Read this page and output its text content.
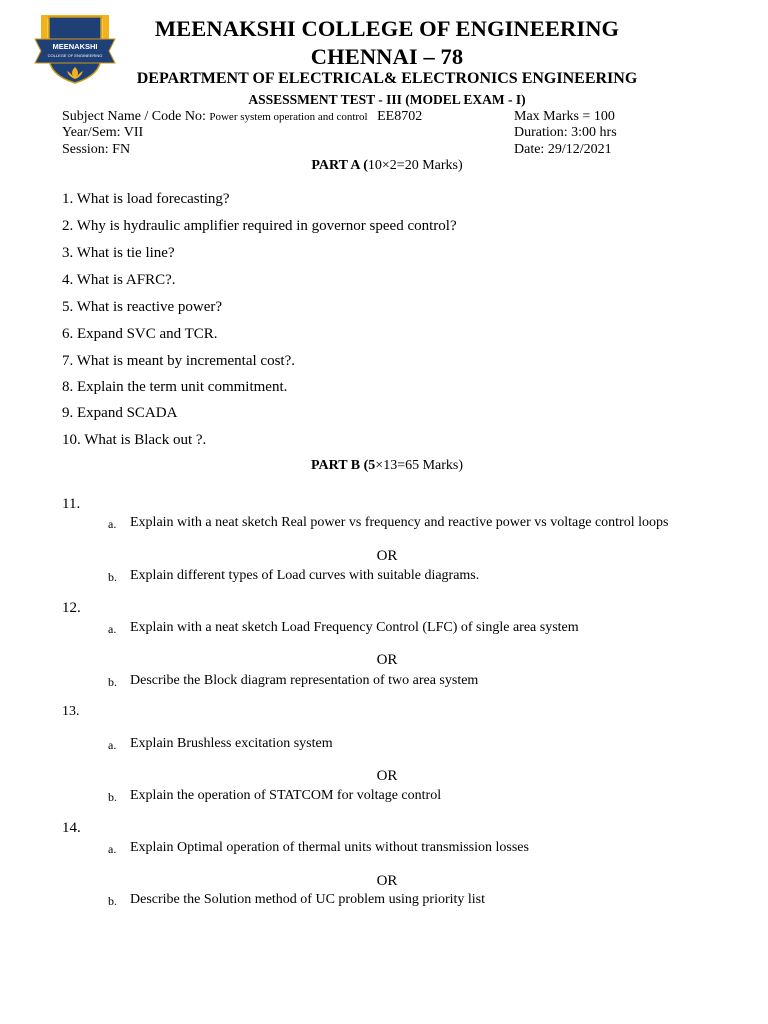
MEENAKSHI
COLLEGE OF ENGINEERING
MEENAKSHI COLLEGE OF ENGINEERING
CHENNAI – 78
DEPARTMENT OF ELECTRICAL& ELECTRONICS ENGINEERING
ASSESSMENT TEST - III (MODEL EXAM - I)
Subject Name / Code No: Power system operation and control EE8702
Year/Sem: VII
Session: FN
Max Marks = 100
Duration: 3:00 hrs
Date: 29/12/2021
PART A (10×2=20 Marks)
1. What is load forecasting?
2. Why is hydraulic amplifier required in governor speed control?
3. What is tie line?
4. What is AFRC?.
5. What is reactive power?
6. Expand SVC and TCR.
7. What is meant by incremental cost?.
8. Explain the term unit commitment.
9. Expand SCADA
10. What is Black out ?.
PART B (5×13=65 Marks)
11.
a. Explain with a neat sketch Real power vs frequency and reactive power vs voltage control loops
OR
b. Explain different types of Load curves with suitable diagrams.
12.
a. Explain with a neat sketch Load Frequency Control (LFC) of single area system
OR
b. Describe the Block diagram representation of two area system
13.
a. Explain Brushless excitation system
OR
b. Explain the operation of STATCOM for voltage control
14.
a. Explain Optimal operation of thermal units without transmission losses
OR
b. Describe the Solution method of UC problem using priority list
